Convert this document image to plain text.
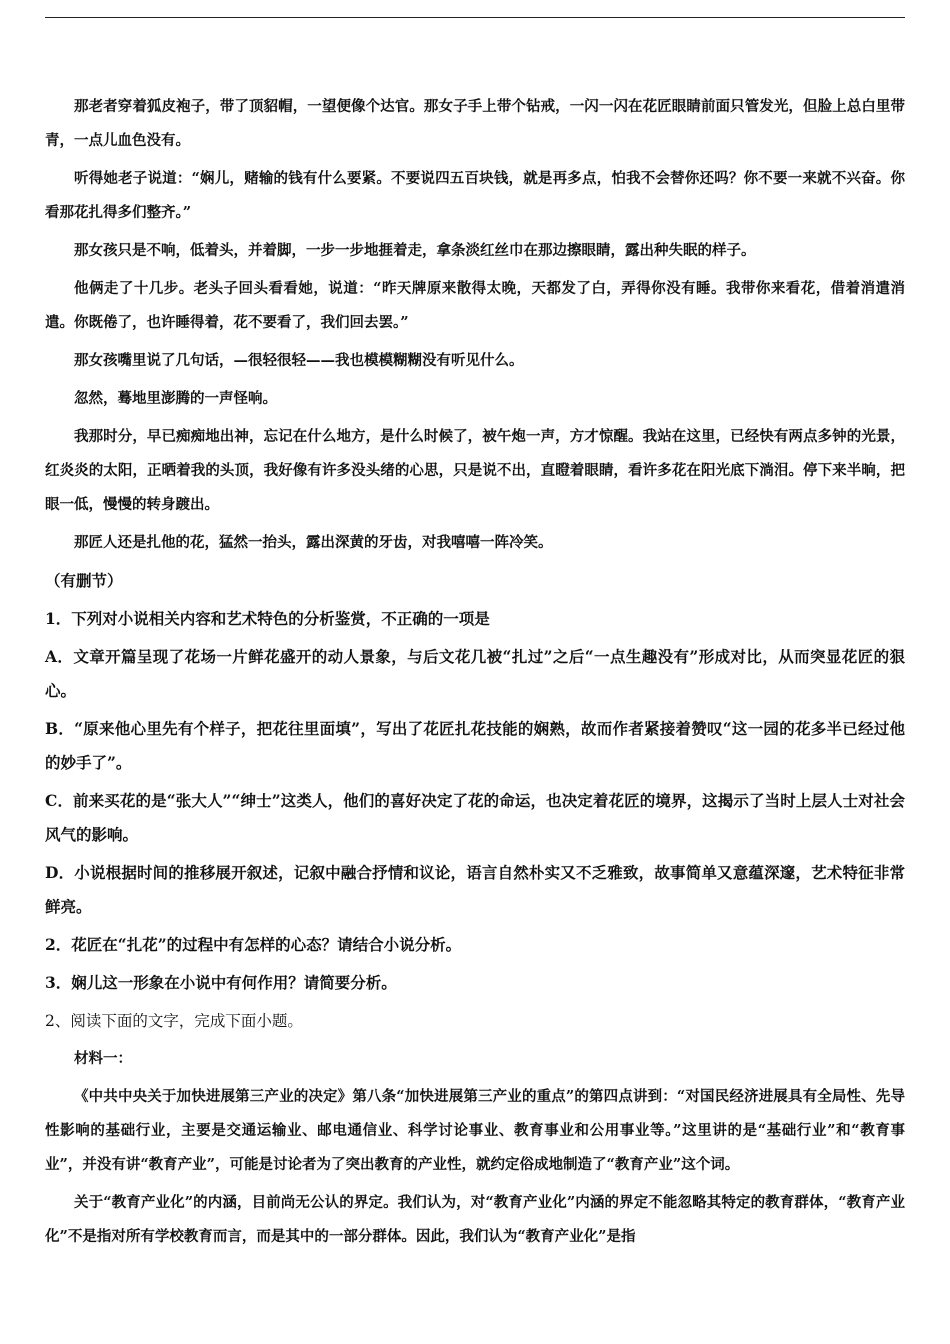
那老者穿着狐皮袍子，带了顶貂帽，一望便像个达官。那女子手上带个钻戒，一闪一闪在花匠眼睛前面只管发光，但脸上总白里带青，一点儿血色没有。

听得她老子说道：“娴儿，赌输的钱有什么要紧。不要说四五百块钱，就是再多点，怕我不会替你还吗？你不要一来就不兴奋。你看那花扎得多们整齐。”

那女孩只是不响，低着头，并着脚，一步一步地捱着走，拿条淡红丝巾在那边擦眼睛，露出种失眠的样子。

他俩走了十几步。老头子回头看看她，说道：“昨天牌原来散得太晚，天都发了白，弄得你没有睡。我带你来看花，借着消遣消遣。你既倦了，也许睡得着，花不要看了，我们回去罢。”

那女孩嘴里说了几句话，—很轻很轻——我也模模糊糊没有听见什么。

忽然，蓦地里澎腾的一声怪响。

我那时分，早已痴痴地出神，忘记在什么地方，是什么时候了，被午炮一声，方才惊醒。我站在这里，已经快有两点多钟的光景，红炎炎的太阳，正晒着我的头顶，我好像有许多没头绪的心思，只是说不出，直瞪着眼睛，看许多花在阳光底下淌泪。停下来半晌，把眼一低，慢慢的转身踱出。

那匠人还是扎他的花，猛然一抬头，露出深黄的牙齿，对我嘻嘻一阵冷笑。

（有删节）

1．下列对小说相关内容和艺术特色的分析鉴赏，不正确的一项是

A．文章开篇呈现了花场一片鲜花盛开的动人景象，与后文花几被“扎过”之后“一点生趣没有”形成对比，从而突显花匠的狠心。

B．“原来他心里先有个样子，把花往里面填”，写出了花匠扎花技能的娴熟，故而作者紧接着赞叹“这一园的花多半已经过他的妙手了”。

C．前来买花的是“张大人”“绅士”这类人，他们的喜好决定了花的命运，也决定着花匠的境界，这揭示了当时上层人士对社会风气的影响。

D．小说根据时间的推移展开叙述，记叙中融合抒情和议论，语言自然朴实又不乏雅致，故事简单又意蕴深邃，艺术特征非常鲜亮。

2．花匠在“扎花”的过程中有怎样的心态？请结合小说分析。

3．娴儿这一形象在小说中有何作用？请简要分析。

2、阅读下面的文字，完成下面小题。

材料一：

《中共中央关于加快进展第三产业的决定》第八条“加快进展第三产业的重点”的第四点讲到：“对国民经济进展具有全局性、先导性影响的基础行业，主要是交通运输业、邮电通信业、科学讨论事业、教育事业和公用事业等。”这里讲的是“基础行业”和“教育事业”，并没有讲“教育产业”，可能是讨论者为了突出教育的产业性，就约定俗成地制造了“教育产业”这个词。

关于“教育产业化”的内涵，目前尚无公认的界定。我们认为，对“教育产业化”内涵的界定不能忽略其特定的教育群体，“教育产业化”不是指对所有学校教育而言，而是其中的一部分群体。因此，我们认为“教育产业化”是指
